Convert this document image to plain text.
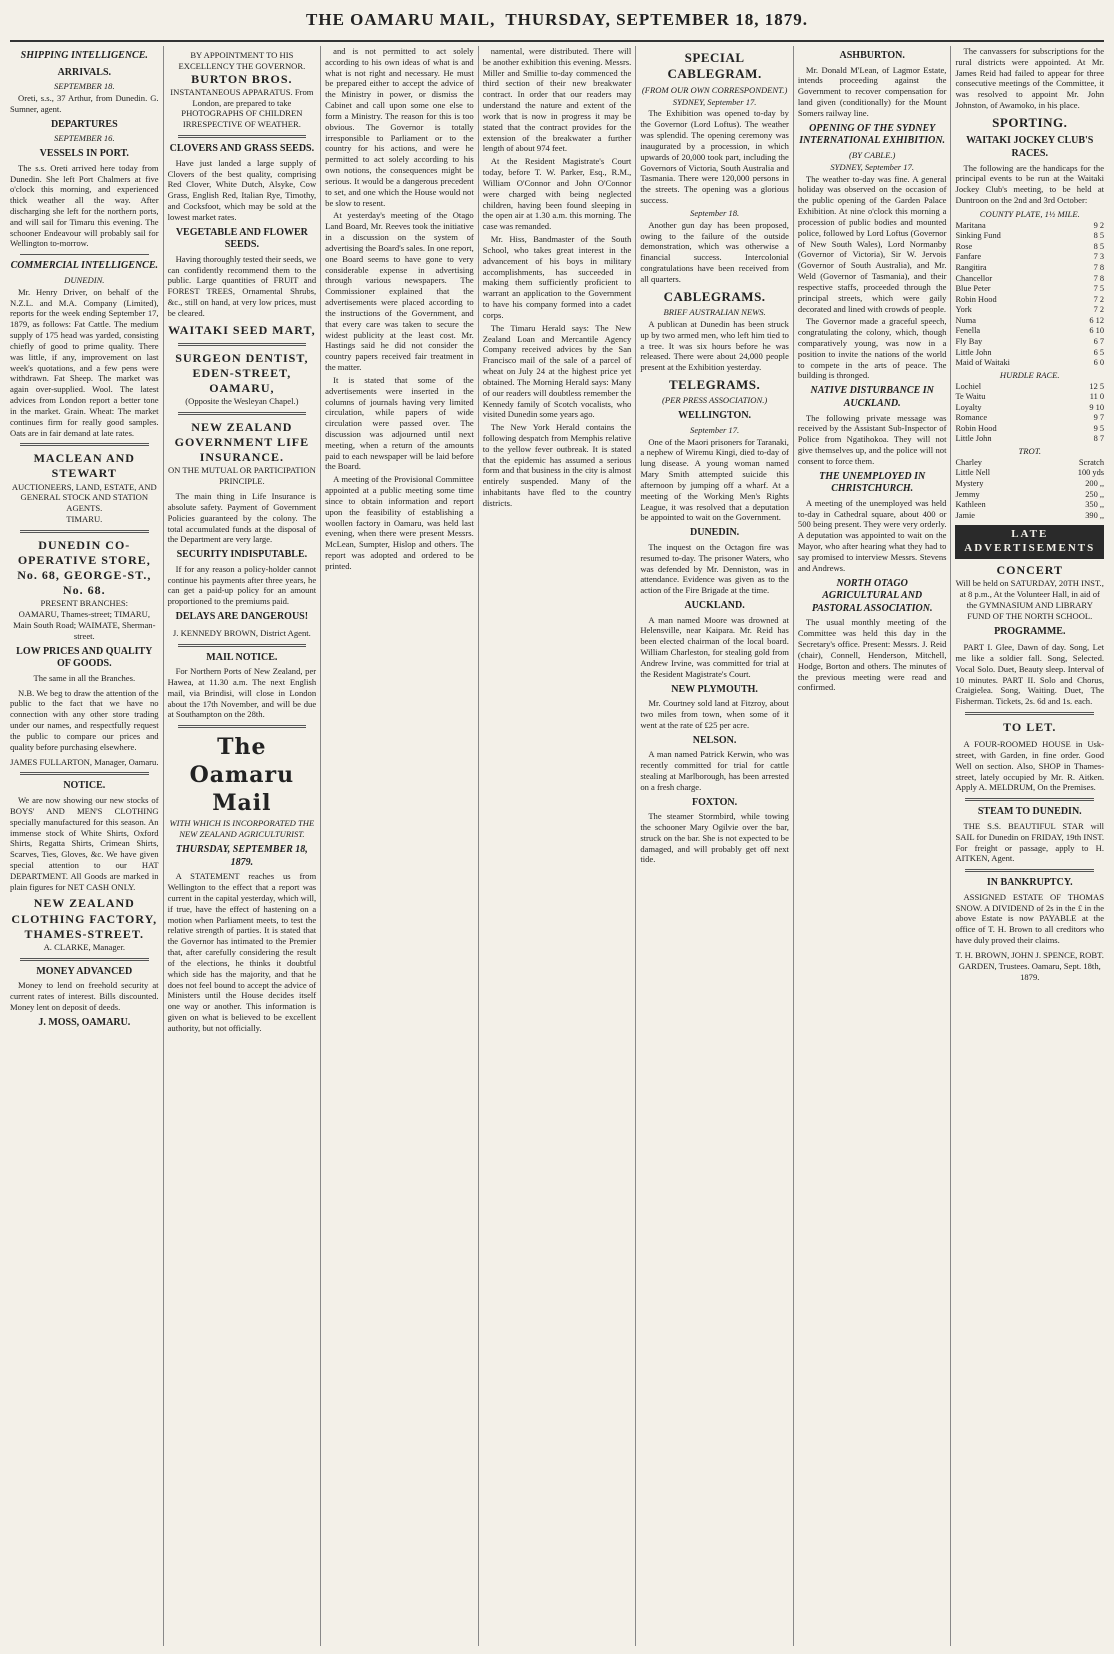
THE OAMARU MAIL, THURSDAY, SEPTEMBER 18, 1879.
SHIPPING INTELLIGENCE.
ARRIVALS.
SEPTEMBER 18.

Oreti, s.s., 37 Arthur, from Dunedin. G. Sumner, agent.

DEPARTURES
SEPTEMBER 16.
VESSELS IN PORT.

The s.s. Oreti arrived here today from Dunedin. She left Port Chalmers at five o'clock this morning, and experienced thick weather all the way. After discharging she left for the northern ports, and will sail for Timaru this evening. The schooner Endeavour will probably sail for Wellington to-morrow.

COMMERCIAL INTELLIGENCE.
DUNEDIN.

Mr. Henry Driver, on behalf of the N.Z.L. and M.A. Company (Limited), reports for the week ending September 17, 1879, as follows: Fat Cattle. The medium supply of 175 head was yarded, consisting chiefly of good to prime quality. There was little, if any, improvement on last week's quotations, and a few pens were withdrawn. Fat Sheep. The market was again over-supplied. Wool. The latest advices from London report a better tone in the market. Grain. Wheat: The market continues firm for really good samples. Oats are in fair demand at late rates.

MACLEAN AND STEWART
AUCTIONEERS, LAND, ESTATE, AND GENERAL STOCK AND STATION AGENTS.
TIMARU.
DUNEDIN CO-OPERATIVE STORE, No. 68, GEORGE-ST., No. 68.
PRESENT BRANCHES:
OAMARU, Thames-street; TIMARU, Main South Road; WAIMATE, Sherman-street.
LOW PRICES AND QUALITY OF GOODS.
The same in all the Branches.

N.B. We beg to draw the attention of the public to the fact that we have no connection with any other store trading under our names, and respectfully request the public to compare our prices and quality before purchasing elsewhere.

JAMES FULLARTON, Manager, Oamaru.
NOTICE.

We are now showing our new stocks of BOYS' AND MEN'S CLOTHING specially manufactured for this season. An immense stock of White Shirts, Oxford Shirts, Regatta Shirts, Crimean Shirts, Scarves, Ties, Gloves, &c. We have given special attention to our HAT DEPARTMENT. All Goods are marked in plain figures for NET CASH ONLY.

NEW ZEALAND CLOTHING FACTORY, THAMES-STREET.
A. CLARKE, Manager.
MONEY ADVANCED

Money to lend on freehold security at current rates of interest. Bills discounted. Money lent on deposit of deeds.

J. MOSS, OAMARU.
BY APPOINTMENT TO HIS EXCELLENCY THE GOVERNOR.
BURTON BROS.
INSTANTANEOUS APPARATUS. From London, are prepared to take PHOTOGRAPHS OF CHILDREN IRRESPECTIVE OF WEATHER.
CLOVERS AND GRASS SEEDS.

Have just landed a large supply of Clovers of the best quality, comprising Red Clover, White Dutch, Alsyke, Cow Grass, English Red, Italian Rye, Timothy, and Cocksfoot, which may be sold at the lowest market rates.

VEGETABLE AND FLOWER SEEDS.

Having thoroughly tested their seeds, we can confidently recommend them to the public. Large quantities of FRUIT and FOREST TREES, Ornamental Shrubs, &c., still on hand, at very low prices, must be cleared.

WAITAKI SEED MART,
SURGEON DENTIST, EDEN-STREET, OAMARU,
(Opposite the Wesleyan Chapel.)
NEW ZEALAND GOVERNMENT LIFE INSURANCE.
ON THE MUTUAL OR PARTICIPATION PRINCIPLE.

The main thing in Life Insurance is absolute safety. Payment of Government Policies guaranteed by the colony. The total accumulated funds at the disposal of the Department are very large.

SECURITY INDISPUTABLE.

If for any reason a policy-holder cannot continue his payments after three years, he can get a paid-up policy for an amount proportioned to the premiums paid.

DELAYS ARE DANGEROUS!
J. KENNEDY BROWN, District Agent.
MAIL NOTICE.

For Northern Ports of New Zealand, per Hawea, at 11.30 a.m. The next English mail, via Brindisi, will close in London about the 17th November, and will be due at Southampton on the 28th.

The Oamaru Mail
WITH WHICH IS INCORPORATED THE NEW ZEALAND AGRICULTURIST.
THURSDAY, SEPTEMBER 18, 1879.

A STATEMENT reaches us from Wellington to the effect that a report was current in the capital yesterday, which will, if true, have the effect of hastening on a motion when Parliament meets, to test the relative strength of parties. It is stated that the Governor has intimated to the Premier that, after carefully considering the result of the elections, he thinks it doubtful which side has the majority, and that he does not feel bound to accept the advice of Ministers until the House decides itself one way or another. This information is given on what is believed to be excellent authority, but not officially.

and is not permitted to act solely according to his own ideas of what is and what is not right and necessary. He must be prepared either to accept the advice of the Ministry in power, or dismiss the Cabinet and call upon some one else to form a Ministry. The reason for this is too obvious. The Governor is totally irresponsible to Parliament or to the country for his actions, and were he permitted to act solely according to his own notions, the consequences might be serious. It would be a dangerous precedent to set, and one which the House would not be slow to resent.

At yesterday's meeting of the Otago Land Board, Mr. Reeves took the initiative in a discussion on the system of advertising the Board's sales. In one report, one Board seems to have gone to very considerable expense in advertising through various newspapers. The Commissioner explained that the advertisements were placed according to the instructions of the Government, and that every care was taken to secure the widest publicity at the least cost. Mr. Hastings said he did not consider the country papers received fair treatment in the matter.

It is stated that some of the advertisements were inserted in the columns of journals having very limited circulation, while papers of wide circulation were passed over. The discussion was adjourned until next meeting, when a return of the amounts paid to each newspaper will be laid before the Board.

A meeting of the Provisional Committee appointed at a public meeting some time since to obtain information and report upon the feasibility of establishing a woollen factory in Oamaru, was held last evening, when there were present Messrs. McLean, Sumpter, Hislop and others. The report was adopted and ordered to be printed.

namental, were distributed. There will be another exhibition this evening. Messrs. Miller and Smillie to-day commenced the third section of their new breakwater contract. In order that our readers may understand the nature and extent of the work that is now in progress it may be stated that the contract provides for the extension of the breakwater a further length of about 974 feet.

At the Resident Magistrate's Court today, before T. W. Parker, Esq., R.M., William O'Connor and John O'Connor were charged with being neglected children, having been found sleeping in the open air at 1.30 a.m. this morning. The case was remanded.

Mr. Hiss, Bandmaster of the South School, who takes great interest in the advancement of his boys in military accomplishments, has succeeded in making them sufficiently proficient to warrant an application to the Government to have his company formed into a cadet corps.

The Timaru Herald says: The New Zealand Loan and Mercantile Agency Company received advices by the San Francisco mail of the sale of a parcel of wheat on July 24 at the highest price yet obtained. The Morning Herald says: Many of our readers will doubtless remember the Kennedy family of Scotch vocalists, who visited Dunedin some years ago.

The New York Herald contains the following despatch from Memphis relative to the yellow fever outbreak. It is stated that the epidemic has assumed a serious form and that business in the city is almost entirely suspended. Many of the inhabitants have fled to the country districts.

SPECIAL CABLEGRAM.
(FROM OUR OWN CORRESPONDENT.)
SYDNEY, September 17.

The Exhibition was opened to-day by the Governor (Lord Loftus). The weather was splendid. The opening ceremony was inaugurated by a procession, in which upwards of 20,000 took part, including the Governors of Victoria, South Australia and Tasmania. There were 120,000 persons in the streets. The opening was a glorious success.

September 18.

Another gun day has been proposed, owing to the failure of the outside demonstration, which was otherwise a financial success. Intercolonial congratulations have been received from all quarters.

CABLEGRAMS.
BRIEF AUSTRALIAN NEWS.

A publican at Dunedin has been struck up by two armed men, who left him tied to a tree. It was six hours before he was released. There were about 24,000 people present at the Exhibition yesterday.

TELEGRAMS.
(PER PRESS ASSOCIATION.)
WELLINGTON.
September 17.

One of the Maori prisoners for Taranaki, a nephew of Wiremu Kingi, died to-day of lung disease. A young woman named Mary Smith attempted suicide this afternoon by jumping off a wharf. At a meeting of the Working Men's Rights League, it was resolved that a deputation be appointed to wait on the Government.

DUNEDIN.

The inquest on the Octagon fire was resumed to-day. The prisoner Waters, who was defended by Mr. Denniston, was in attendance. Evidence was given as to the action of the Fire Brigade at the time.

AUCKLAND.

A man named Moore was drowned at Helensville, near Kaipara. Mr. Reid has been elected chairman of the local board. William Charleston, for stealing gold from Andrew Irvine, was committed for trial at the Resident Magistrate's Court.

NEW PLYMOUTH.

Mr. Courtney sold land at Fitzroy, about two miles from town, when some of it went at the rate of £25 per acre.

NELSON.

A man named Patrick Kerwin, who was recently committed for trial for cattle stealing at Marlborough, has been arrested on a fresh charge.

FOXTON.

The steamer Stormbird, while towing the schooner Mary Ogilvie over the bar, struck on the bar. She is not expected to be damaged, and will probably get off next tide.

ASHBURTON.

Mr. Donald M'Lean, of Lagmor Estate, intends proceeding against the Government to recover compensation for land given (conditionally) for the Mount Somers railway line.

OPENING OF THE SYDNEY INTERNATIONAL EXHIBITION.
(BY CABLE.)
SYDNEY, September 17.

The weather to-day was fine. A general holiday was observed on the occasion of the public opening of the Garden Palace Exhibition. At nine o'clock this morning a procession of public bodies and mounted police, followed by Lord Loftus (Governor of New South Wales), Lord Normanby (Governor of Victoria), Sir W. Jervois (Governor of South Australia), and Mr. Weld (Governor of Tasmania), and their respective staffs, proceeded through the principal streets, which were gaily decorated and lined with crowds of people.

The Governor made a graceful speech, congratulating the colony, which, though comparatively young, was now in a position to invite the nations of the world to compete in the arts of peace. The building is thronged.

NATIVE DISTURBANCE IN AUCKLAND.

The following private message was received by the Assistant Sub-Inspector of Police from Ngatihokoa. They will not give themselves up, and the police will not consent to force them.

THE UNEMPLOYED IN CHRISTCHURCH.

A meeting of the unemployed was held to-day in Cathedral square, about 400 or 500 being present. They were very orderly. A deputation was appointed to wait on the Mayor, who after hearing what they had to say promised to interview Messrs. Stevens and Andrews.

NORTH OTAGO AGRICULTURAL AND PASTORAL ASSOCIATION.

The usual monthly meeting of the Committee was held this day in the Secretary's office. Present: Messrs. J. Reid (chair), Connell, Henderson, Mitchell, Hodge, Borton and others. The minutes of the previous meeting were read and confirmed.

The canvassers for subscriptions for the rural districts were appointed. At Mr. James Reid had failed to appear for three consecutive meetings of the Committee, it was resolved to appoint Mr. John Johnston, of Awamoko, in his place.

SPORTING.
WAITAKI JOCKEY CLUB'S RACES.

The following are the handicaps for the principal events to be run at the Waitaki Jockey Club's meeting, to be held at Duntroon on the 2nd and 3rd October:

COUNTY PLATE, 1½ MILE.
Maritana	9 2
Sinking Fund	8 5
Rose	8 5
Fanfare	7 3
Rangitira	7 8
Chancellor	7 8
Blue Peter	7 5
Robin Hood	7 2
York	7 2
Numa	6 12
Fenella	6 10
Fly Bay	6 7
Little John	6 5
Maid of Waitaki	6 0
HURDLE RACE.
Lochiel	12 5
Te Waitu	11 0
Loyalty	9 10
Romance	9 7
Robin Hood	9 5
Little John	8 7
TROT.
Charley	Scratch
Little Nell	100 yds
Mystery	200 ,,
Jemmy	250 ,,
Kathleen	350 ,,
Jamie	390 ,,
LATE ADVERTISEMENTS
CONCERT
Will be held on SATURDAY, 20TH INST., at 8 p.m., At the Volunteer Hall, in aid of the GYMNASIUM AND LIBRARY FUND OF THE NORTH SCHOOL.
PROGRAMME.

PART I. Glee, Dawn of day. Song, Let me like a soldier fall. Song, Selected. Vocal Solo. Duet, Beauty sleep. Interval of 10 minutes. PART II. Solo and Chorus, Craigielea. Song, Waiting. Duet, The Fisherman. Tickets, 2s. 6d and 1s. each.

TO LET.

A FOUR-ROOMED HOUSE in Usk-street, with Garden, in fine order. Good Well on section. Also, SHOP in Thames-street, lately occupied by Mr. R. Aitken. Apply A. MELDRUM, On the Premises.

STEAM TO DUNEDIN.

THE S.S. BEAUTIFUL STAR will SAIL for Dunedin on FRIDAY, 19th INST. For freight or passage, apply to H. AITKEN, Agent.

IN BANKRUPTCY.

ASSIGNED ESTATE OF THOMAS SNOW. A DIVIDEND of 2s in the £ in the above Estate is now PAYABLE at the office of T. H. Brown to all creditors who have duly proved their claims.

T. H. BROWN, JOHN J. SPENCE, ROBT. GARDEN, Trustees. Oamaru, Sept. 18th, 1879.
